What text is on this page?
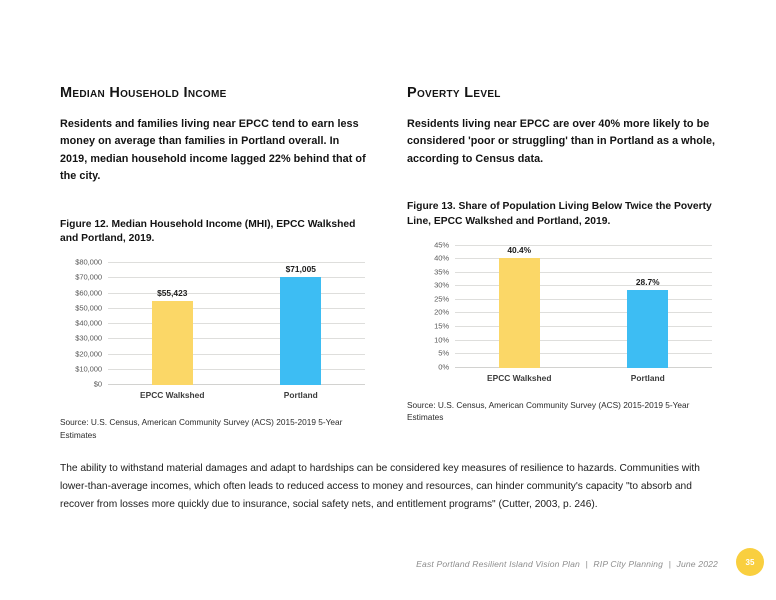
Median Household Income

Residents and families living near EPCC tend to earn less money on average than families in Portland overall. In 2019, median household income lagged 22% behind that of the city.

Figure 12. Median Household Income (MHI), EPCC Walkshed and Portland, 2019.

$0
$10,000
$20,000
$30,000
$40,000
$50,000
$60,000
$70,000
$80,000
$55,423
EPCC Walkshed
$71,005
Portland

Source: U.S. Census, American Community Survey (ACS) 2015-2019 5-Year Estimates

Poverty Level

Residents living near EPCC are over 40% more likely to be considered 'poor or struggling' than in Portland as a whole, according to Census data.

Figure 13. Share of Population Living Below Twice the Poverty Line, EPCC Walkshed and Portland, 2019.

0%
5%
10%
15%
20%
25%
30%
35%
40%
45%
40.4%
EPCC Walkshed
28.7%
Portland

Source: U.S. Census, American Community Survey (ACS) 2015-2019 5-Year Estimates

The ability to withstand material damages and adapt to hardships can be considered key measures of resilience to hazards. Communities with lower-than-average incomes, which often leads to reduced access to money and resources, can hinder community's capacity "to absorb and recover from losses more quickly due to insurance, social safety nets, and entitlement programs" (Cutter, 2003, p. 246).

East Portland Resilient Island Vision Plan | RIP City Planning | June 2022	35
